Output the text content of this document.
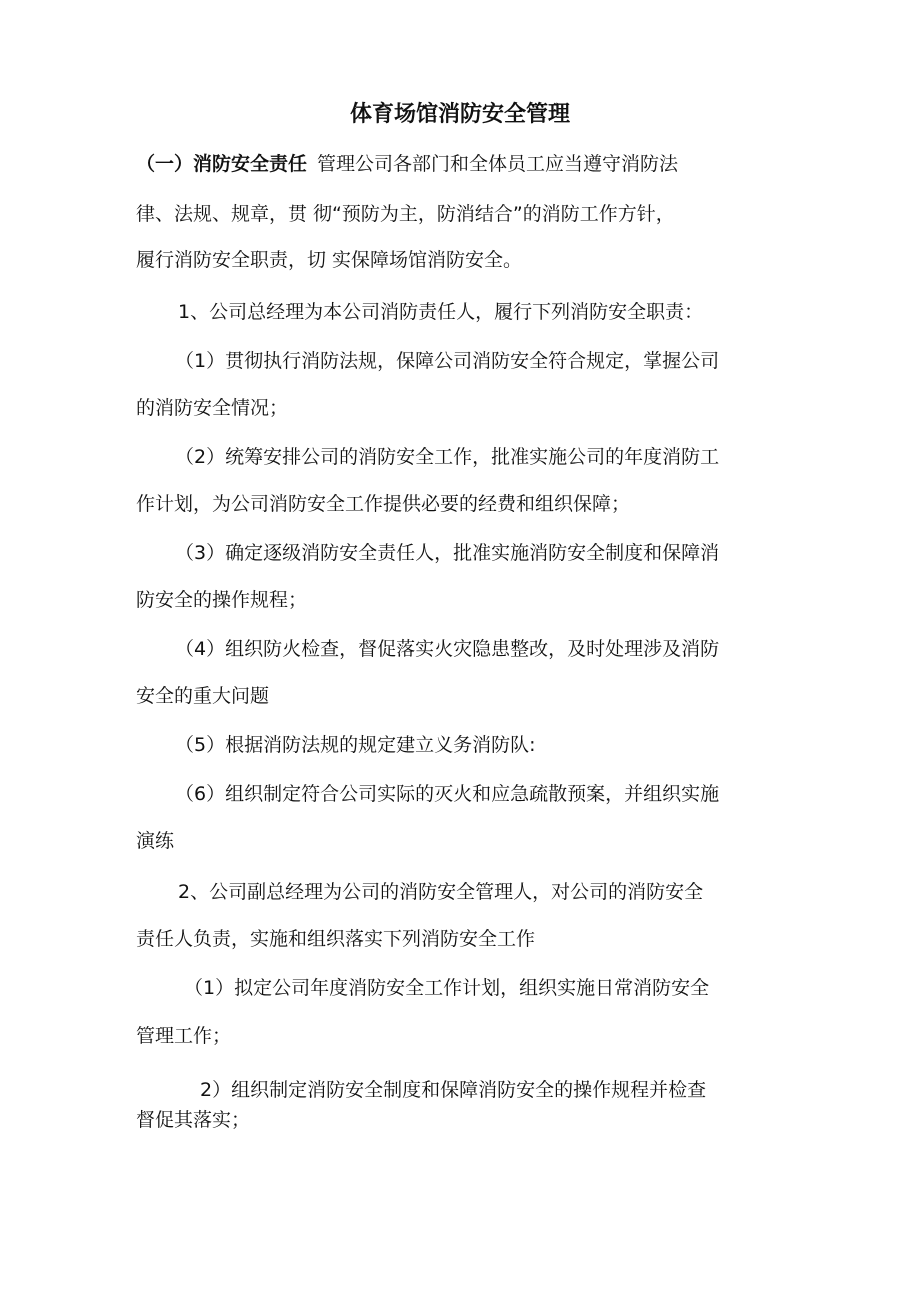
体育场馆消防安全管理
（一）消防安全责任 管理公司各部门和全体员工应当遵守消防法
律、法规、规章，贯 彻“预防为主，防消结合”的消防工作方针，
履行消防安全职责，切 实保障场馆消防安全。
1、公司总经理为本公司消防责任人，履行下列消防安全职责：
（1）贯彻执行消防法规，保障公司消防安全符合规定，掌握公司
的消防安全情况；
（2）统筹安排公司的消防安全工作，批准实施公司的年度消防工
作计划，为公司消防安全工作提供必要的经费和组织保障；
（3）确定逐级消防安全责任人，批准实施消防安全制度和保障消
防安全的操作规程；
（4）组织防火检查，督促落实火灾隐患整改，及时处理涉及消防
安全的重大问题
（5）根据消防法规的规定建立义务消防队:
（6）组织制定符合公司实际的灭火和应急疏散预案，并组织实施
演练
2、公司副总经理为公司的消防安全管理人，对公司的消防安全
责任人负责，实施和组织落实下列消防安全工作
（1）拟定公司年度消防安全工作计划，组织实施日常消防安全
管理工作；
2）组织制定消防安全制度和保障消防安全的操作规程并检查
督促其落实；
